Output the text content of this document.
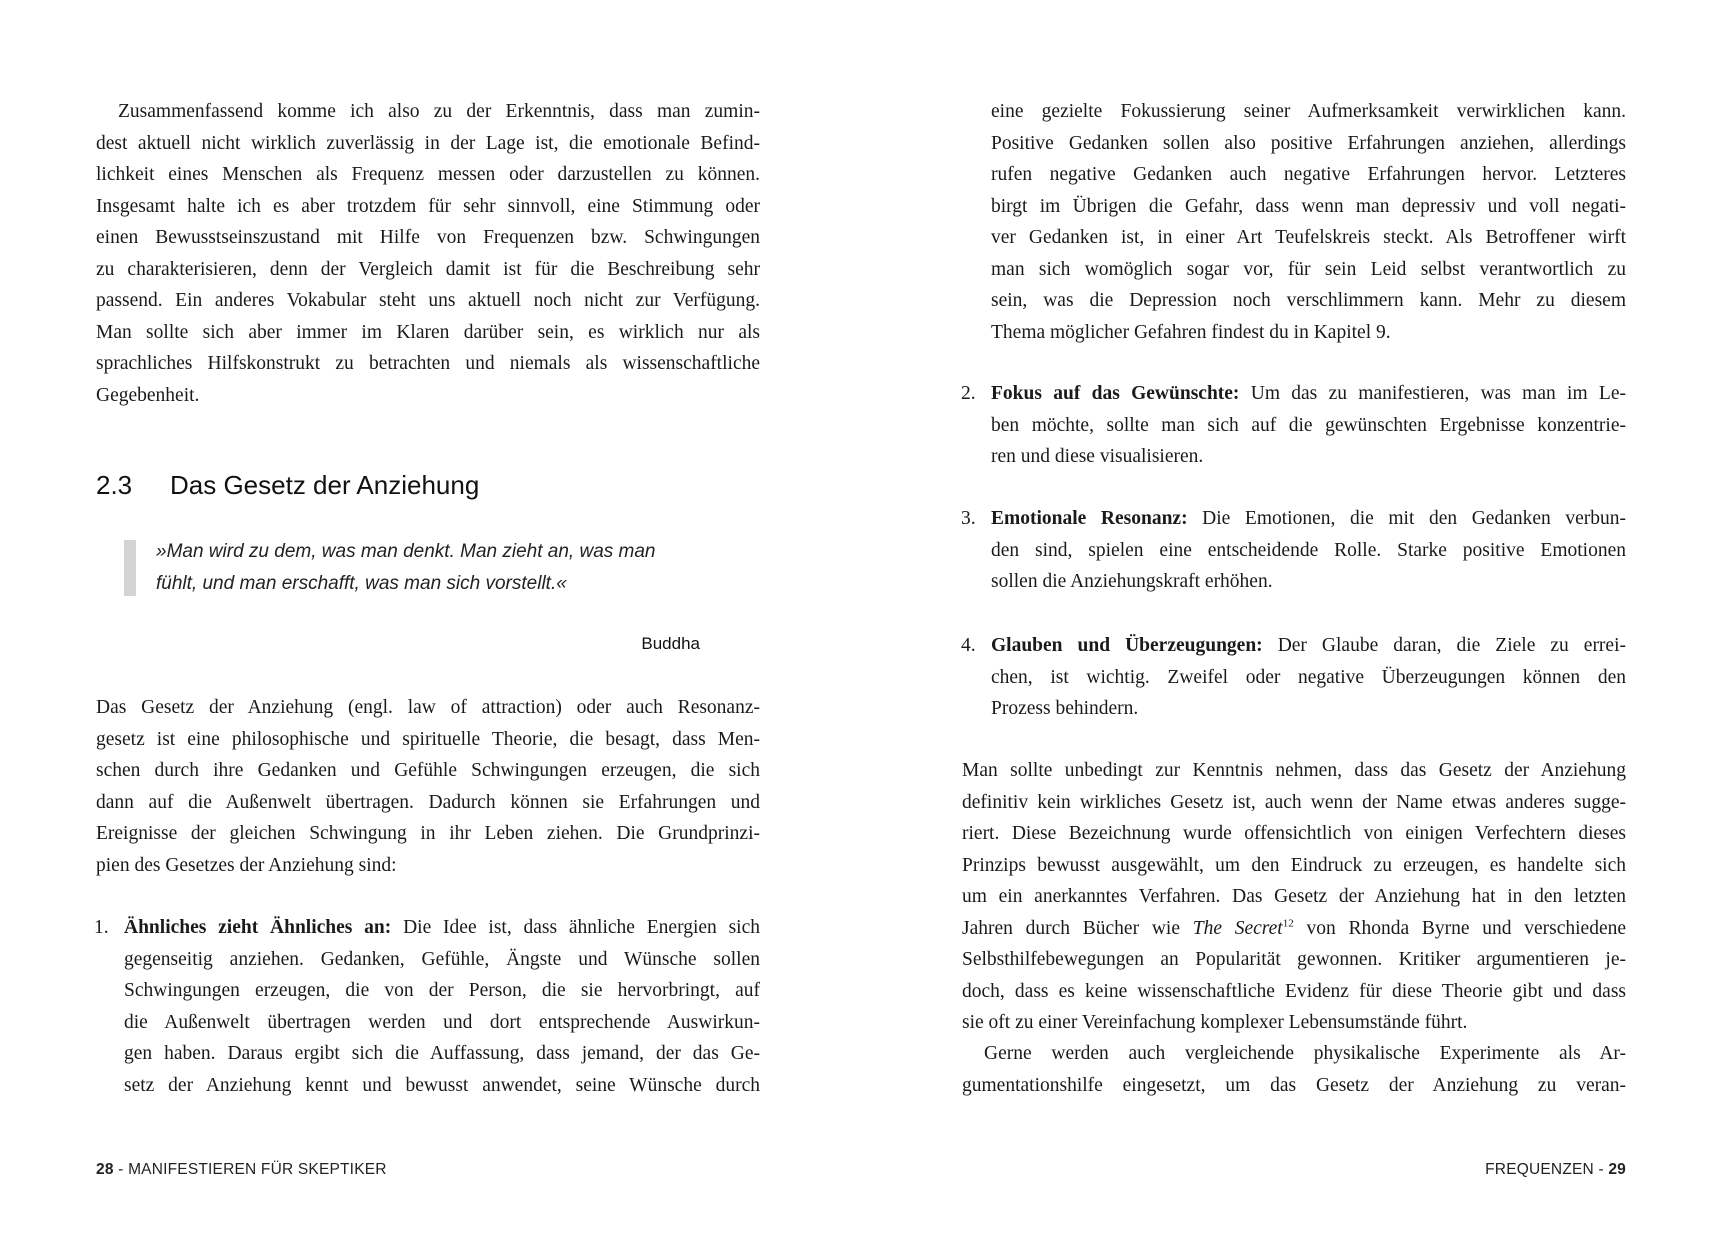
Zusammenfassend komme ich also zu der Erkenntnis, dass man zumin-
dest aktuell nicht wirklich zuverlässig in der Lage ist, die emotionale Befind-
lichkeit eines Menschen als Frequenz messen oder darzustellen zu können.
Insgesamt halte ich es aber trotzdem für sehr sinnvoll, eine Stimmung oder
einen Bewusstseinszustand mit Hilfe von Frequenzen bzw. Schwingungen
zu charakterisieren, denn der Vergleich damit ist für die Beschreibung sehr
passend. Ein anderes Vokabular steht uns aktuell noch nicht zur Verfügung.
Man sollte sich aber immer im Klaren darüber sein, es wirklich nur als
sprachliches Hilfskonstrukt zu betrachten und niemals als wissenschaftliche
Gegebenheit.
2.3 Das Gesetz der Anziehung
»Man wird zu dem, was man denkt. Man zieht an, was man
fühlt, und man erschafft, was man sich vorstellt.«
Buddha
Das Gesetz der Anziehung (engl. law of attraction) oder auch Resonanz-
gesetz ist eine philosophische und spirituelle Theorie, die besagt, dass Men-
schen durch ihre Gedanken und Gefühle Schwingungen erzeugen, die sich
dann auf die Außenwelt übertragen. Dadurch können sie Erfahrungen und
Ereignisse der gleichen Schwingung in ihr Leben ziehen. Die Grundprinzi-
pien des Gesetzes der Anziehung sind:
1. Ähnliches zieht Ähnliches an: Die Idee ist, dass ähnliche Energien sich
gegenseitig anziehen. Gedanken, Gefühle, Ängste und Wünsche sollen
Schwingungen erzeugen, die von der Person, die sie hervorbringt, auf
die Außenwelt übertragen werden und dort entsprechende Auswirkun-
gen haben. Daraus ergibt sich die Auffassung, dass jemand, der das Ge-
setz der Anziehung kennt und bewusst anwendet, seine Wünsche durch
28 - MANIFESTIEREN FÜR SKEPTIKER
eine gezielte Fokussierung seiner Aufmerksamkeit verwirklichen kann.
Positive Gedanken sollen also positive Erfahrungen anziehen, allerdings
rufen negative Gedanken auch negative Erfahrungen hervor. Letzteres
birgt im Übrigen die Gefahr, dass wenn man depressiv und voll negati-
ver Gedanken ist, in einer Art Teufelskreis steckt. Als Betroffener wirft
man sich womöglich sogar vor, für sein Leid selbst verantwortlich zu
sein, was die Depression noch verschlimmern kann. Mehr zu diesem
Thema möglicher Gefahren findest du in Kapitel 9.
2. Fokus auf das Gewünschte: Um das zu manifestieren, was man im Le-
ben möchte, sollte man sich auf die gewünschten Ergebnisse konzentrie-
ren und diese visualisieren.
3. Emotionale Resonanz: Die Emotionen, die mit den Gedanken verbun-
den sind, spielen eine entscheidende Rolle. Starke positive Emotionen
sollen die Anziehungskraft erhöhen.
4. Glauben und Überzeugungen: Der Glaube daran, die Ziele zu errei-
chen, ist wichtig. Zweifel oder negative Überzeugungen können den
Prozess behindern.
Man sollte unbedingt zur Kenntnis nehmen, dass das Gesetz der Anziehung
definitiv kein wirkliches Gesetz ist, auch wenn der Name etwas anderes sugge-
riert. Diese Bezeichnung wurde offensichtlich von einigen Verfechtern dieses
Prinzips bewusst ausgewählt, um den Eindruck zu erzeugen, es handelte sich
um ein anerkanntes Verfahren. Das Gesetz der Anziehung hat in den letzten
Jahren durch Bücher wie The Secret$^{12}$ von Rhonda Byrne und verschiedene
Selbsthilfebewegungen an Popularität gewonnen. Kritiker argumentieren je-
doch, dass es keine wissenschaftliche Evidenz für diese Theorie gibt und dass
sie oft zu einer Vereinfachung komplexer Lebensumstände führt.
Gerne werden auch vergleichende physikalische Experimente als Ar-
gumentationshilfe eingesetzt, um das Gesetz der Anziehung zu veran-
FREQUENZEN - 29
